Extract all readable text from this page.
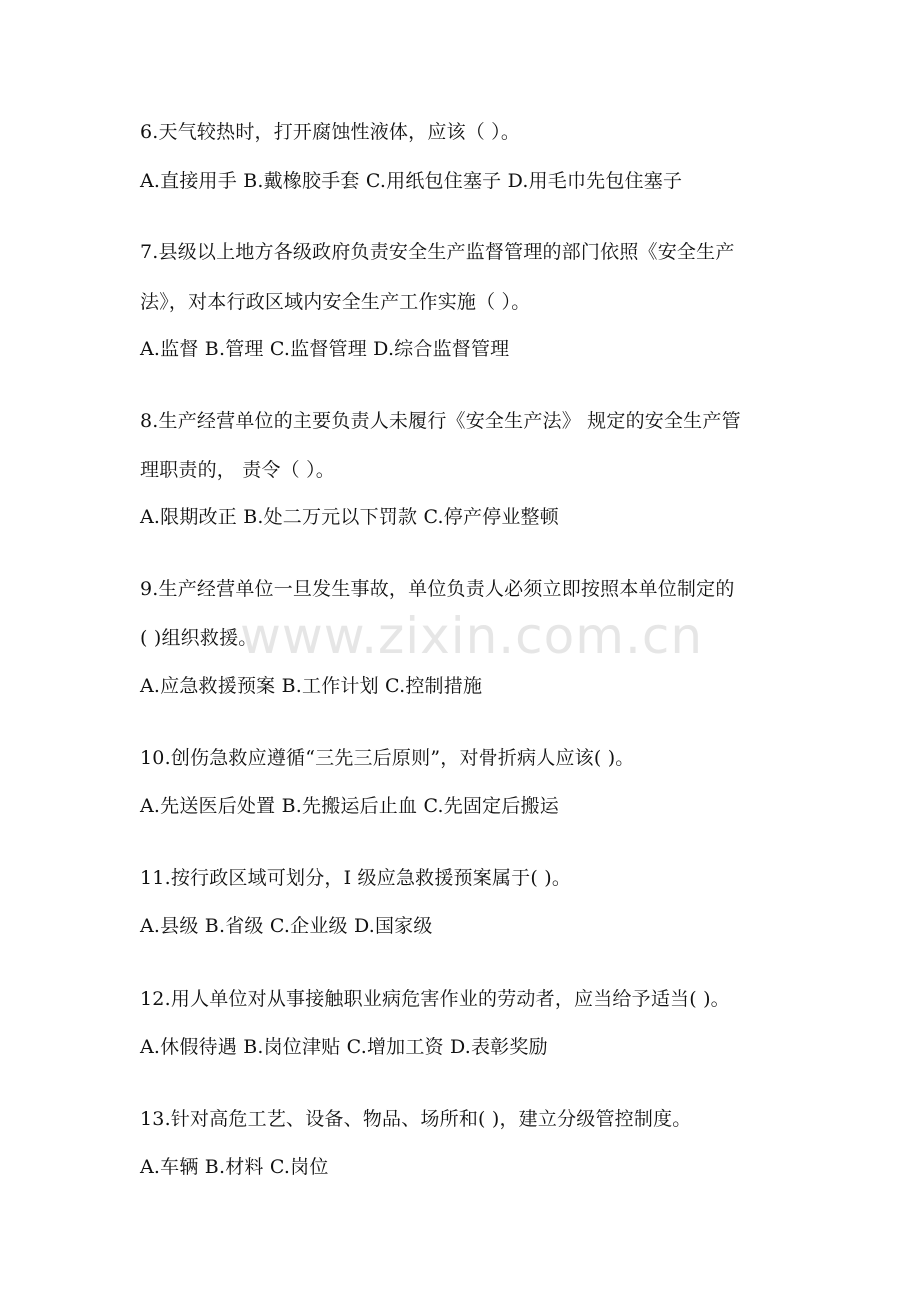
www.zixin.com.cn
6.天气较热时，打开腐蚀性液体，应该（ ）。
A.直接用手 B.戴橡胶手套 C.用纸包住塞子 D.用毛巾先包住塞子
7.县级以上地方各级政府负责安全生产监督管理的部门依照《安全生产
法》，对本行政区域内安全生产工作实施（ ）。
A.监督 B.管理 C.监督管理 D.综合监督管理
8.生产经营单位的主要负责人未履行《安全生产法》 规定的安全生产管
理职责的， 责令（ ）。
A.限期改正 B.处二万元以下罚款 C.停产停业整顿
9.生产经营单位一旦发生事故，单位负责人必须立即按照本单位制定的
( )组织救援。
A.应急救援预案 B.工作计划 C.控制措施
10.创伤急救应遵循“三先三后原则”，对骨折病人应该( )。
A.先送医后处置 B.先搬运后止血 C.先固定后搬运
11.按行政区域可划分，I 级应急救援预案属于( )。
A.县级 B.省级 C.企业级 D.国家级
12.用人单位对从事接触职业病危害作业的劳动者，应当给予适当( )。
A.休假待遇 B.岗位津贴 C.增加工资 D.表彰奖励
13.针对高危工艺、设备、物品、场所和( )，建立分级管控制度。
A.车辆 B.材料 C.岗位
